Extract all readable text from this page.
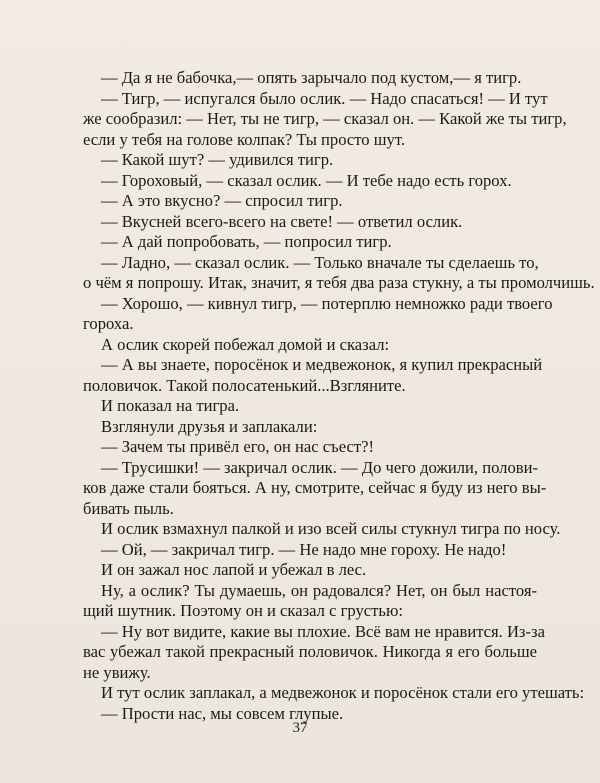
— Да я не бабочка,— опять зарычало под кустом,— я тигр.
— Тигр, — испугался было ослик. — Надо спасаться! — И тут
же сообразил: — Нет, ты не тигр, — сказал он. — Какой же ты тигр,
если у тебя на голове колпак? Ты просто шут.
— Какой шут? — удивился тигр.
— Гороховый, — сказал ослик. — И тебе надо есть горох.
— А это вкусно? — спросил тигр.
— Вкусней всего-всего на свете! — ответил ослик.
— А дай попробовать, — попросил тигр.
— Ладно, — сказал ослик. — Только вначале ты сделаешь то,
о чём я попрошу. Итак, значит, я тебя два раза стукну, а ты промолчишь.
— Хорошо, — кивнул тигр, — потерплю немножко ради твоего
гороха.
А ослик скорей побежал домой и сказал:
— А вы знаете, поросёнок и медвежонок, я купил прекрасный
половичок. Такой полосатенький...Взгляните.
И показал на тигра.
Взглянули друзья и заплакали:
— Зачем ты привёл его, он нас съест?!
— Трусишки! — закричал ослик. — До чего дожили, полови-
ков даже стали бояться. А ну, смотрите, сейчас я буду из него вы-
бивать пыль.
И ослик взмахнул палкой и изо всей силы стукнул тигра по носу.
— Ой, — закричал тигр. — Не надо мне гороху. Не надо!
И он зажал нос лапой и убежал в лес.
Ну, а ослик? Ты думаешь, он радовался? Нет, он был настоя-
щий шутник. Поэтому он и сказал с грустью:
— Ну вот видите, какие вы плохие. Всё вам не нравится. Из-за
вас убежал такой прекрасный половичок. Никогда я его больше
не увижу.
И тут ослик заплакал, а медвежонок и поросёнок стали его утешать:
— Прости нас, мы совсем глупые.
37
